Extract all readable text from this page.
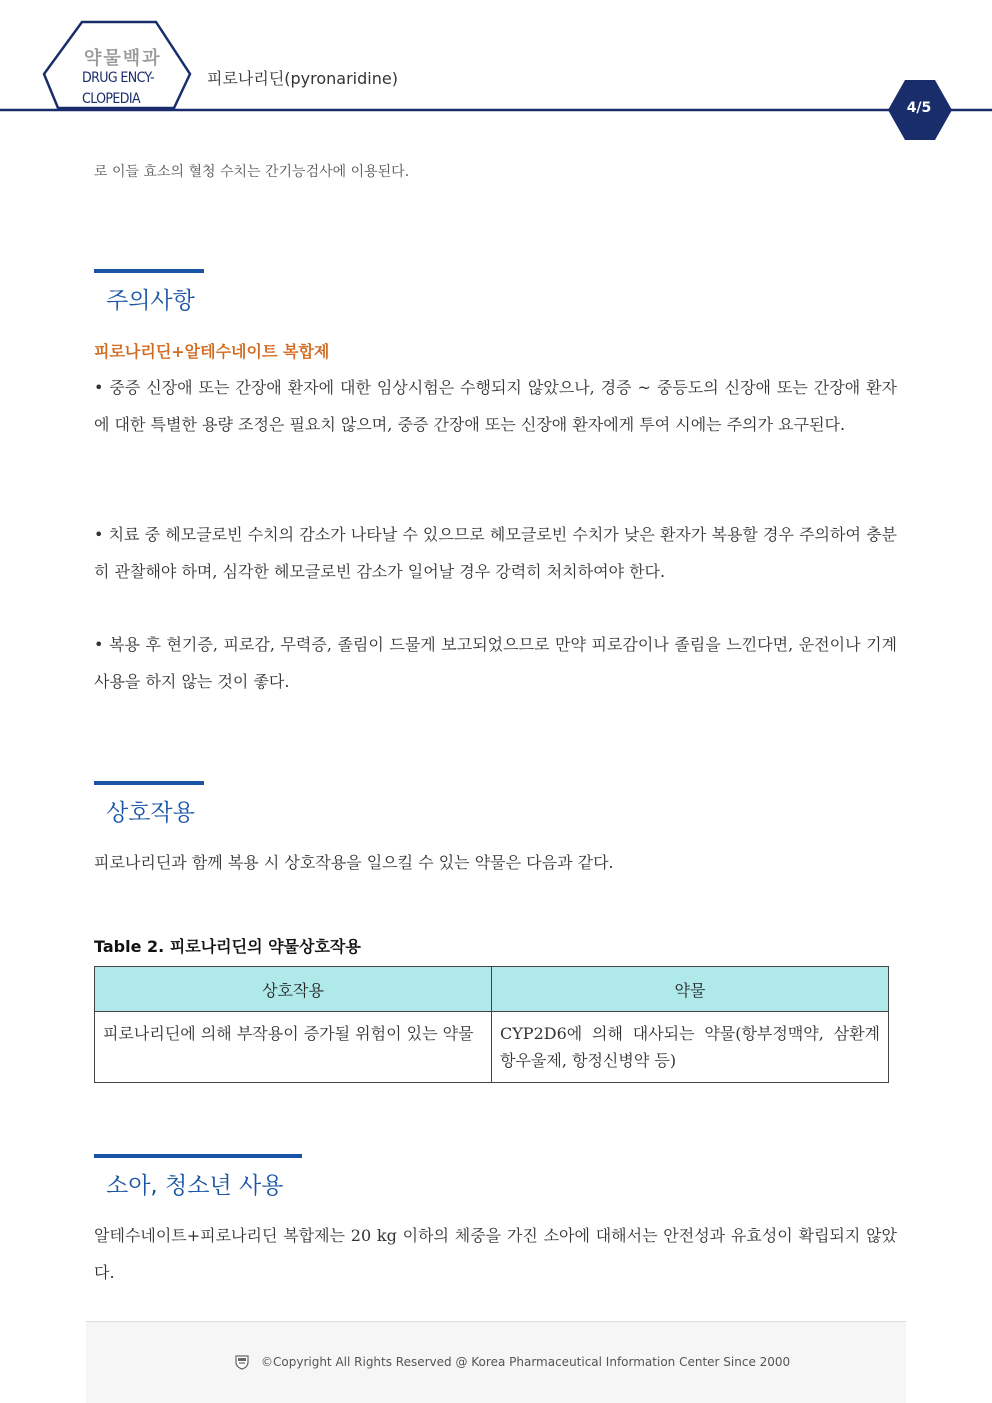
약물백과
DRUG ENCY-
CLOPEDIA
피로나리딘(pyronaridine)
4/5
로 이들 효소의 혈청 수치는 간기능검사에 이용된다.
주의사항
피로나리딘+알테수네이트 복합제
• 중증 신장애 또는 간장애 환자에 대한 임상시험은 수행되지 않았으나, 경증 ~ 중등도의 신장애 또는 간장애 환자에 대한 특별한 용량 조정은 필요치 않으며, 중증 간장애 또는 신장애 환자에게 투여 시에는 주의가 요구된다.
• 치료 중 헤모글로빈 수치의 감소가 나타날 수 있으므로 헤모글로빈 수치가 낮은 환자가 복용할 경우 주의하여 충분히 관찰해야 하며, 심각한 헤모글로빈 감소가 일어날 경우 강력히 처치하여야 한다.
• 복용 후 현기증, 피로감, 무력증, 졸림이 드물게 보고되었으므로 만약 피로감이나 졸림을 느낀다면, 운전이나 기계 사용을 하지 않는 것이 좋다.
상호작용
피로나리딘과 함께 복용 시 상호작용을 일으킬 수 있는 약물은 다음과 같다.
Table 2. 피로나리딘의 약물상호작용
상호작용	약물
피로나리딘에 의해 부작용이 증가될 위험이 있는 약물	CYP2D6에 의해 대사되는 약물(항부정맥약, 삼환계 항우울제, 항정신병약 등)
소아, 청소년 사용
알테수네이트+피로나리딘 복합제는 20 kg 이하의 체중을 가진 소아에 대해서는 안전성과 유효성이 확립되지 않았다.
©Copyright All Rights Reserved @ Korea Pharmaceutical Information Center Since 2000
